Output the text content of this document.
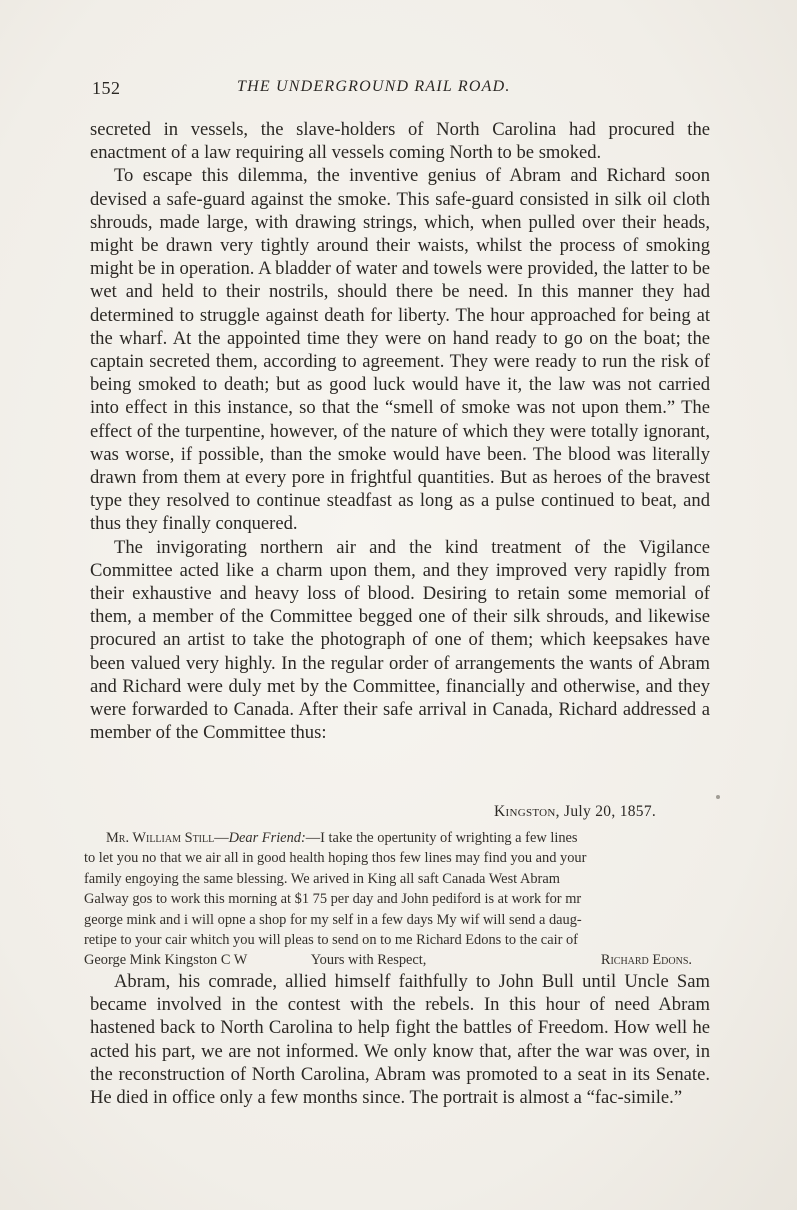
152	THE UNDERGROUND RAIL ROAD.

secreted in vessels, the slave-holders of North Carolina had procured the enactment of a law requiring all vessels coming North to be smoked.

To escape this dilemma, the inventive genius of Abram and Richard soon devised a safe-guard against the smoke. This safe-guard consisted in silk oil cloth shrouds, made large, with drawing strings, which, when pulled over their heads, might be drawn very tightly around their waists, whilst the process of smoking might be in operation. A bladder of water and towels were provided, the latter to be wet and held to their nostrils, should there be need. In this manner they had determined to struggle against death for liberty. The hour approached for being at the wharf. At the appointed time they were on hand ready to go on the boat; the captain secreted them, according to agreement. They were ready to run the risk of being smoked to death; but as good luck would have it, the law was not carried into effect in this instance, so that the “smell of smoke was not upon them.” The effect of the turpentine, however, of the nature of which they were totally ignorant, was worse, if possible, than the smoke would have been. The blood was literally drawn from them at every pore in frightful quantities. But as heroes of the bravest type they resolved to continue steadfast as long as a pulse continued to beat, and thus they finally conquered.

The invigorating northern air and the kind treatment of the Vigilance Committee acted like a charm upon them, and they improved very rapidly from their exhaustive and heavy loss of blood. Desiring to retain some memorial of them, a member of the Committee begged one of their silk shrouds, and likewise procured an artist to take the photograph of one of them; which keepsakes have been valued very highly. In the regular order of arrangements the wants of Abram and Richard were duly met by the Committee, financially and otherwise, and they were forwarded to Canada. After their safe arrival in Canada, Richard addressed a member of the Committee thus:

Kingston, July 20, 1857.
Mr. William Still—Dear Friend:—I take the opertunity of wrighting a few lines
to let you no that we air all in good health hoping thos few lines may find you and your
family engoying the same blessing. We arived in King all saft Canada West Abram
Galway gos to work this morning at $1 75 per day and John pediford is at work for mr
george mink and i will opne a shop for my self in a few days My wif will send a daug-
retipe to your cair whitch you will pleas to send on to me Richard Edons to the cair of
George Mink Kingston C W	Yours with Respect,	Richard Edons.

Abram, his comrade, allied himself faithfully to John Bull until Uncle Sam became involved in the contest with the rebels. In this hour of need Abram hastened back to North Carolina to help fight the battles of Freedom. How well he acted his part, we are not informed. We only know that, after the war was over, in the reconstruction of North Carolina, Abram was promoted to a seat in its Senate. He died in office only a few months since. The portrait is almost a “fac-simile.”
